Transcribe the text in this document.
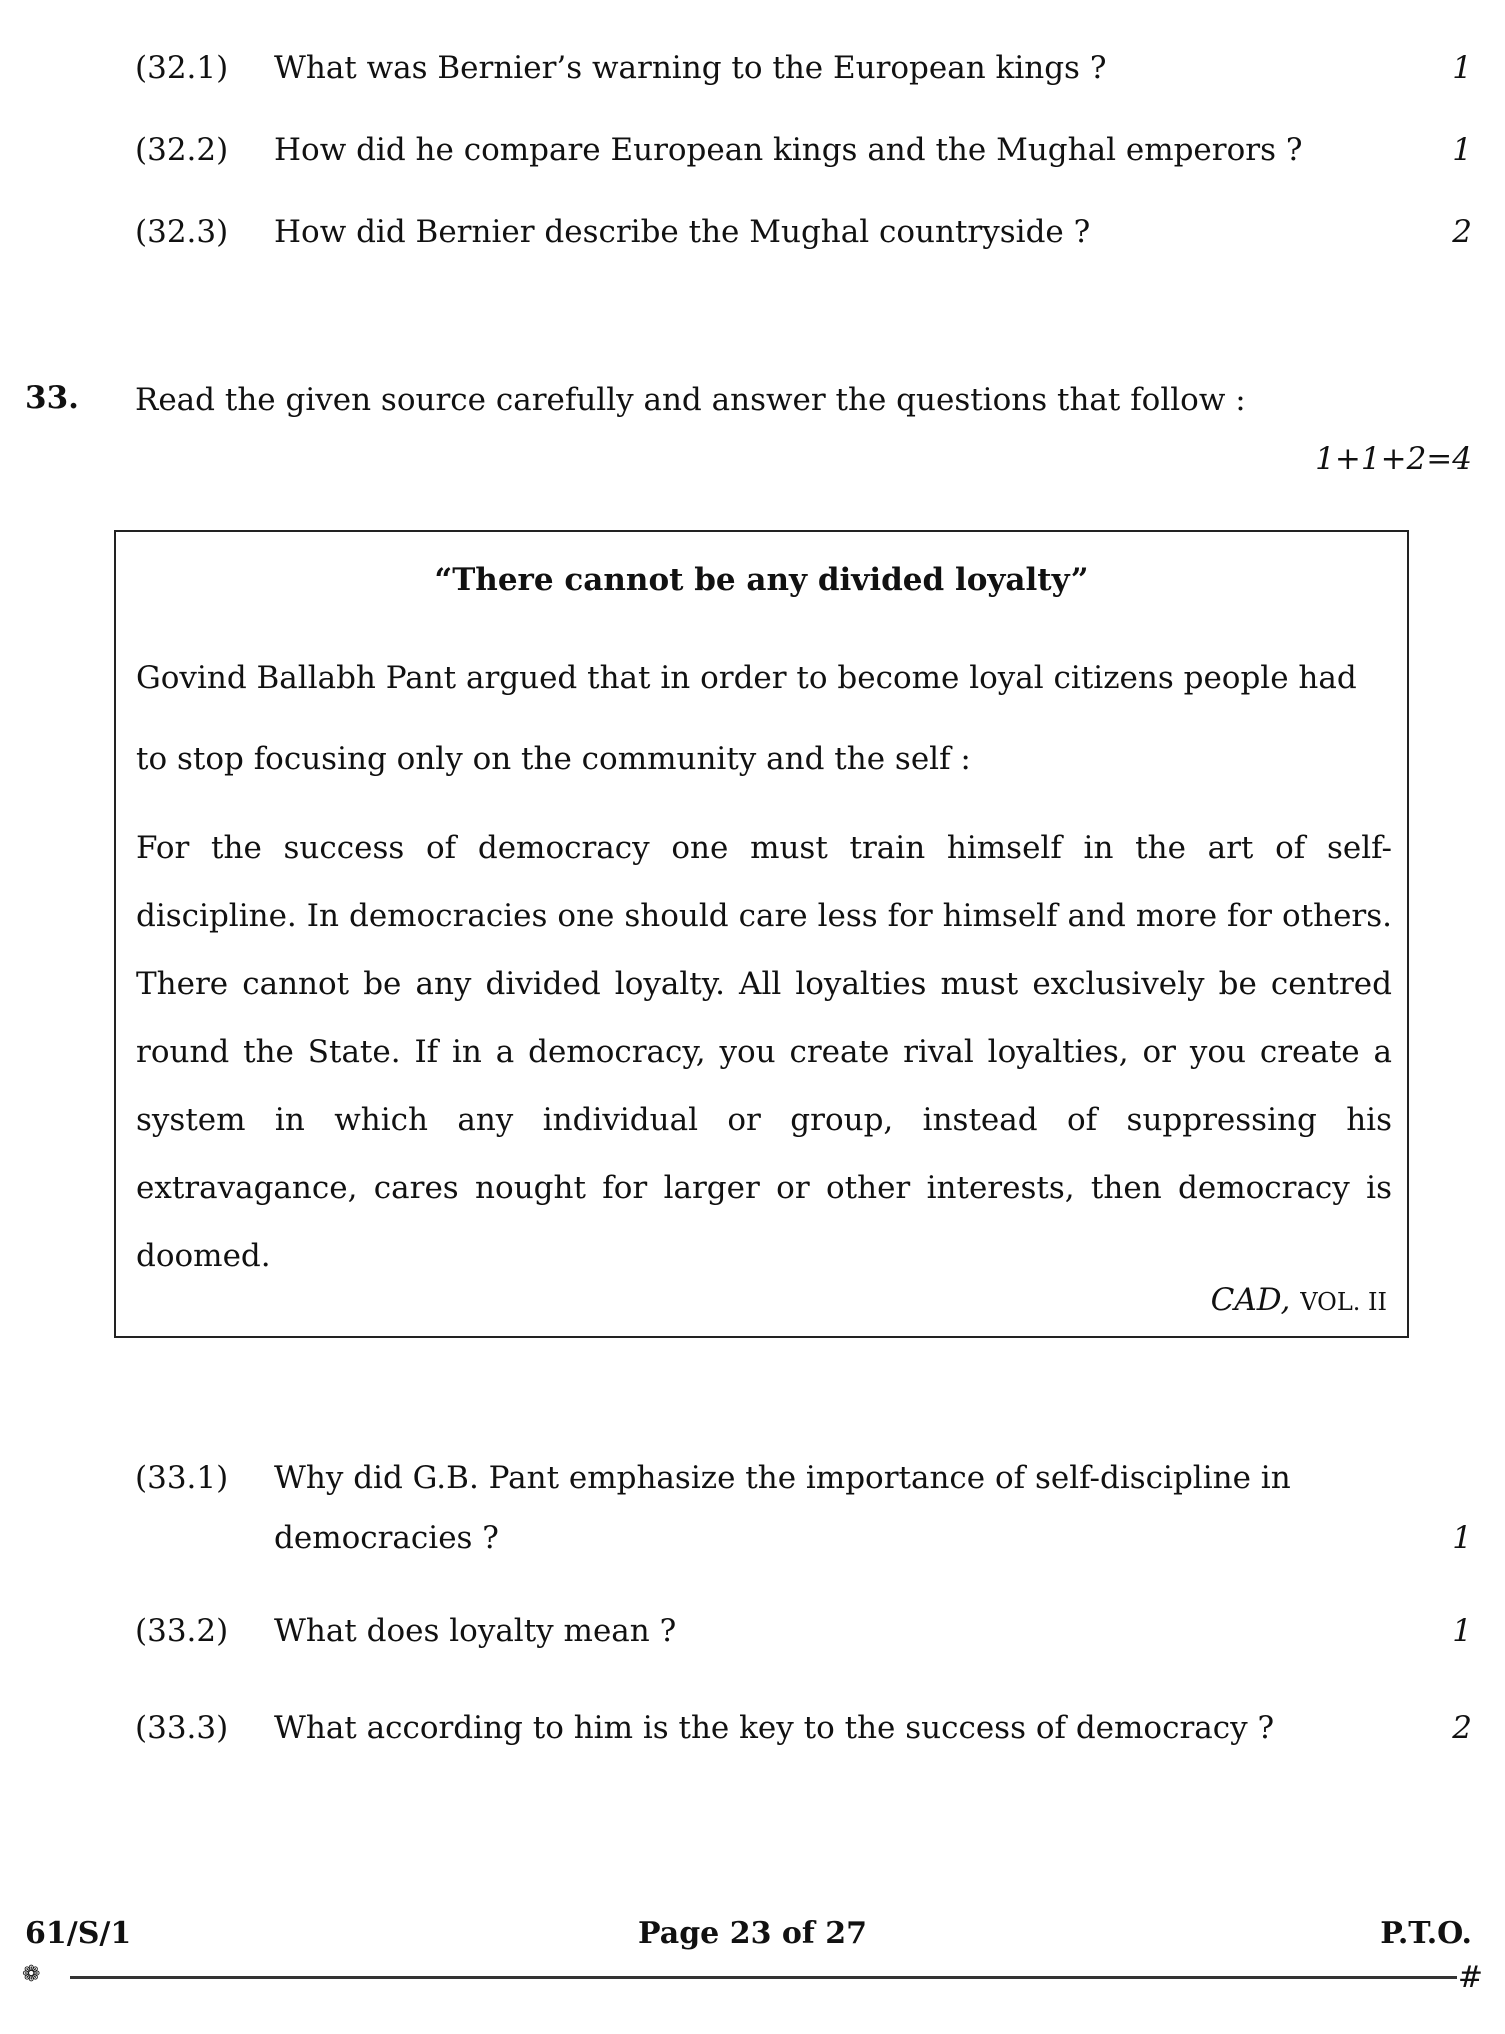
(32.1) What was Bernier’s warning to the European kings ?	1
(32.2) How did he compare European kings and the Mughal emperors ?	1
(32.3) How did Bernier describe the Mughal countryside ?	2
33. Read the given source carefully and answer the questions that follow :
1+1+2=4
“There cannot be any divided loyalty”
Govind Ballabh Pant argued that in order to become loyal citizens people had to stop focusing only on the community and the self :
For the success of democracy one must train himself in the art of self-discipline. In democracies one should care less for himself and more for others. There cannot be any divided loyalty. All loyalties must exclusively be centred round the State. If in a democracy, you create rival loyalties, or you create a system in which any individual or group, instead of suppressing his extravagance, cares nought for larger or other interests, then democracy is doomed.
CAD, VOL. II
(33.1) Why did G.B. Pant emphasize the importance of self-discipline in democracies ?	1
(33.2) What does loyalty mean ?	1
(33.3) What according to him is the key to the success of democracy ?	2
61/S/1	Page 23 of 27	P.T.O.
❁	#
